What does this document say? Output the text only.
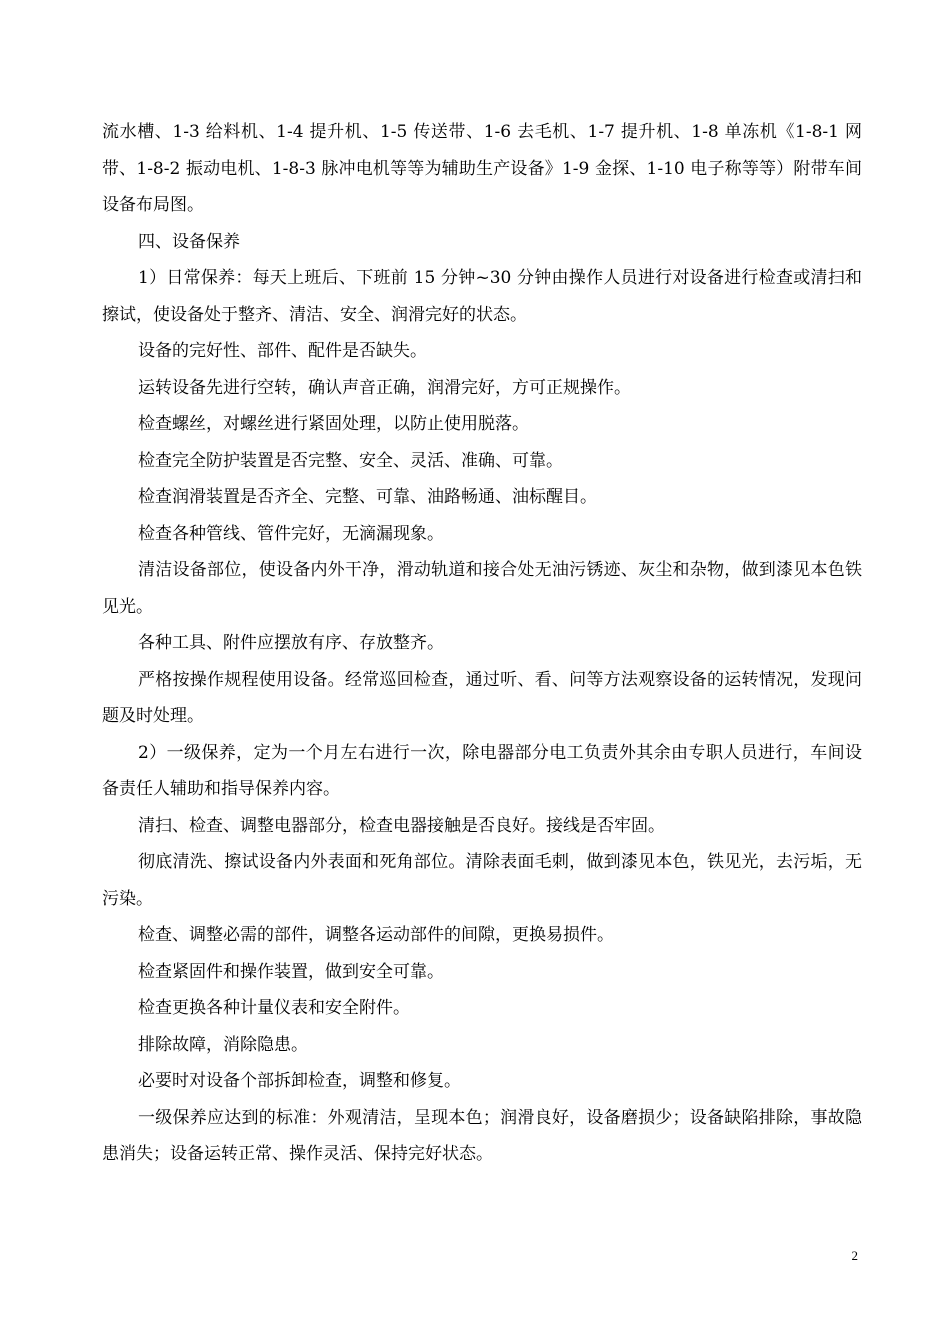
流水槽、1-3 给料机、1-4 提升机、1-5 传送带、1-6 去毛机、1-7 提升机、1-8 单冻机《1-8-1 网带、1-8-2 振动电机、1-8-3 脉冲电机等等为辅助生产设备》1-9 金探、1-10 电子称等等）附带车间设备布局图。

四、设备保养

1）日常保养：每天上班后、下班前 15 分钟~30 分钟由操作人员进行对设备进行检查或清扫和擦试，使设备处于整齐、清洁、安全、润滑完好的状态。

设备的完好性、部件、配件是否缺失。

运转设备先进行空转，确认声音正确，润滑完好，方可正规操作。

检查螺丝，对螺丝进行紧固处理，以防止使用脱落。

检查完全防护装置是否完整、安全、灵活、准确、可靠。

检查润滑装置是否齐全、完整、可靠、油路畅通、油标醒目。

检查各种管线、管件完好，无滴漏现象。

清洁设备部位，使设备内外干净，滑动轨道和接合处无油污锈迹、灰尘和杂物，做到漆见本色铁见光。

各种工具、附件应摆放有序、存放整齐。

严格按操作规程使用设备。经常巡回检查，通过听、看、问等方法观察设备的运转情况，发现问题及时处理。

2）一级保养，定为一个月左右进行一次，除电器部分电工负责外其余由专职人员进行，车间设备责任人辅助和指导保养内容。

清扫、检查、调整电器部分，检查电器接触是否良好。接线是否牢固。

彻底清洗、擦试设备内外表面和死角部位。清除表面毛刺，做到漆见本色，铁见光，去污垢，无污染。

检查、调整必需的部件，调整各运动部件的间隙，更换易损件。

检查紧固件和操作装置，做到安全可靠。

检查更换各种计量仪表和安全附件。

排除故障，消除隐患。

必要时对设备个部拆卸检查，调整和修复。

一级保养应达到的标准：外观清洁，呈现本色；润滑良好，设备磨损少；设备缺陷排除，事故隐患消失；设备运转正常、操作灵活、保持完好状态。

2
